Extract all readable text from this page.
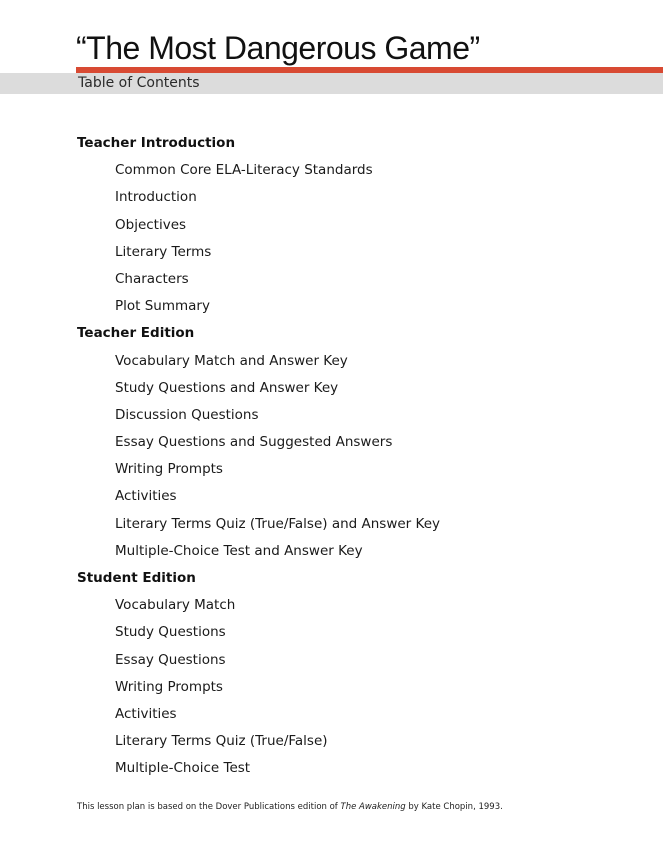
“The Most Dangerous Game”
Table of Contents
Teacher Introduction
Common Core ELA-Literacy Standards
Introduction
Objectives
Literary Terms
Characters
Plot Summary
Teacher Edition
Vocabulary Match and Answer Key
Study Questions and Answer Key
Discussion Questions
Essay Questions and Suggested Answers
Writing Prompts
Activities
Literary Terms Quiz (True/False) and Answer Key
Multiple-Choice Test and Answer Key
Student Edition
Vocabulary Match
Study Questions
Essay Questions
Writing Prompts
Activities
Literary Terms Quiz (True/False)
Multiple-Choice Test
This lesson plan is based on the Dover Publications edition of The Awakening by Kate Chopin, 1993.
